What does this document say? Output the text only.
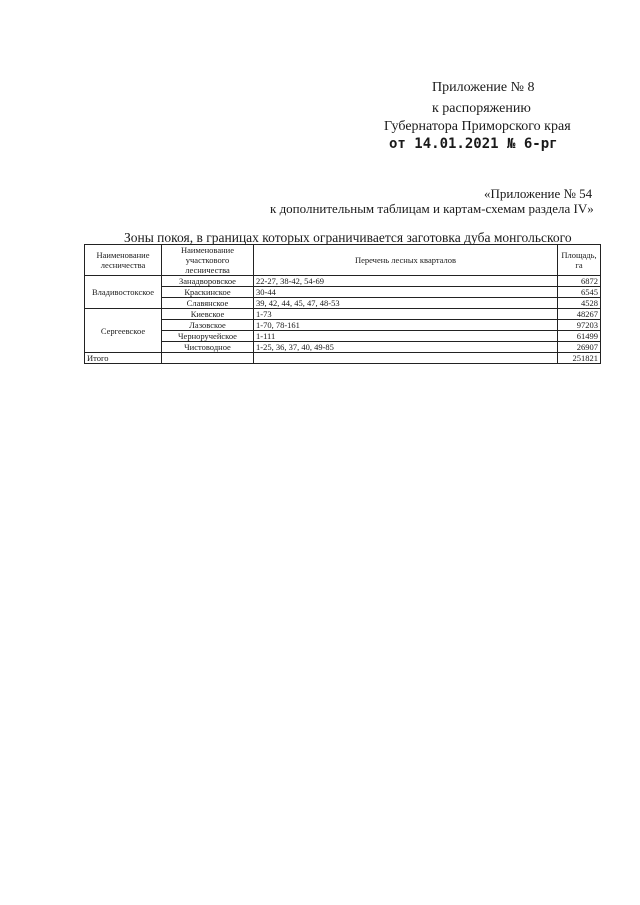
Приложение № 8
к распоряжению
Губернатора Приморского края
от 14.01.2021 № 6-рг
«Приложение № 54
к дополнительным таблицам и картам-схемам раздела IV»
Зоны покоя, в границах которых ограничивается заготовка дуба монгольского
Наименование лесничества	Наименование участкового лесничества	Перечень лесных кварталов	Площадь, га
Владивостокское	Занадворовское	22-27, 38-42, 54-69	6872
	Краскинское	30-44	6545
	Славянское	39, 42, 44, 45, 47, 48-53	4528
Сергеевское	Киевское	1-73	48267
	Лазовское	1-70, 78-161	97203
	Черноручейское	1-111	61499
	Чистоводное	1-25, 36, 37, 40, 49-85	26907
Итого			251821
